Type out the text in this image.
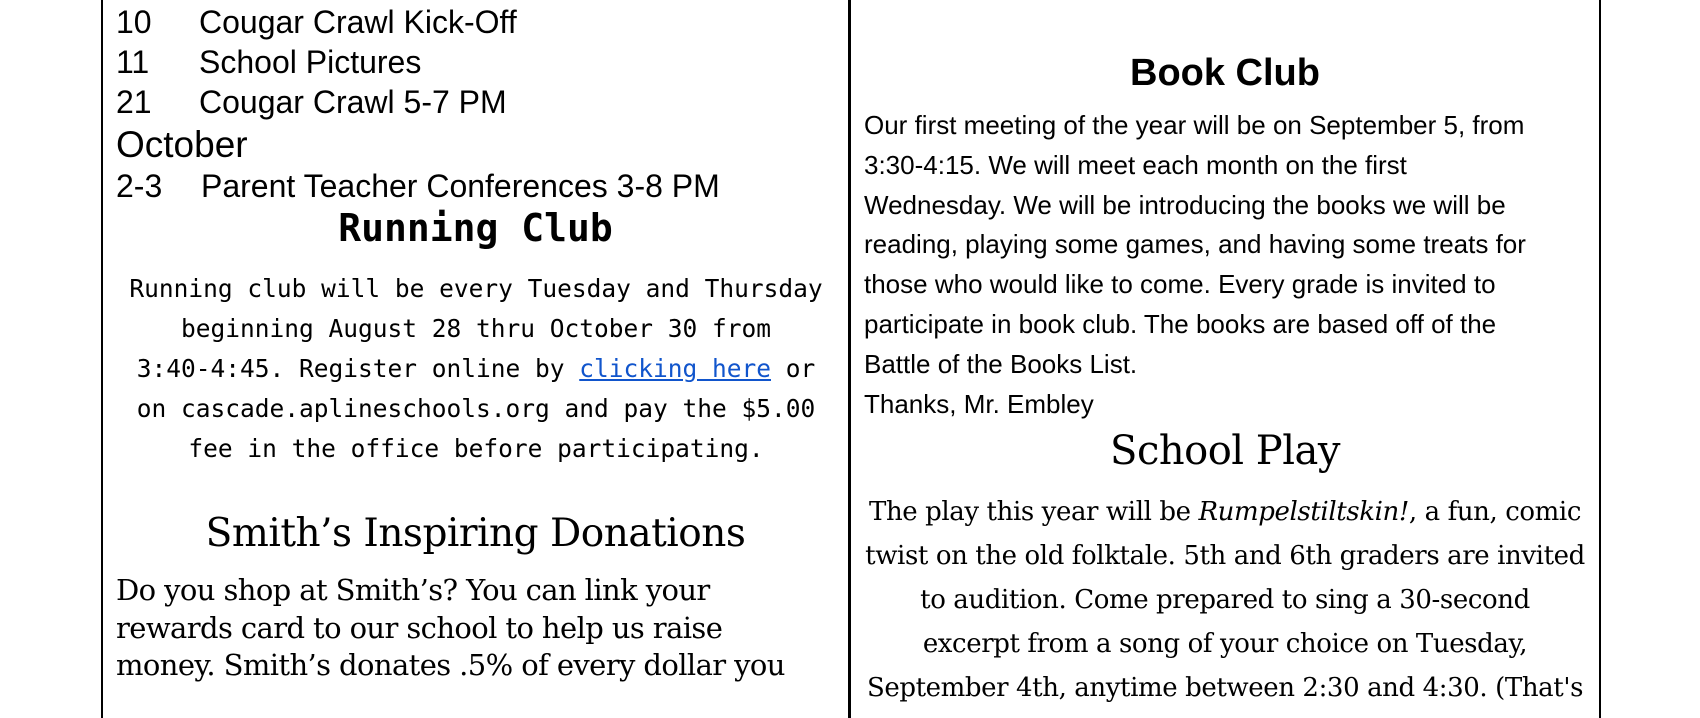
10 Cougar Crawl Kick-Off
11 School Pictures
21 Cougar Crawl 5-7 PM
October
2-3 Parent Teacher Conferences 3-8 PM
Running Club
Running club will be every Tuesday and Thursday
beginning August 28 thru October 30 from
3:40-4:45. Register online by clicking here or
on cascade.aplineschools.org and pay the $5.00
fee in the office before participating.
Smith’s Inspiring Donations
Do you shop at Smith’s? You can link your
rewards card to our school to help us raise
money. Smith’s donates .5% of every dollar you
Book Club
Our first meeting of the year will be on September 5, from
3:30-4:15. We will meet each month on the first
Wednesday. We will be introducing the books we will be
reading, playing some games, and having some treats for
those who would like to come. Every grade is invited to
participate in book club. The books are based off of the
Battle of the Books List.
Thanks, Mr. Embley
School Play
The play this year will be Rumpelstiltskin!, a fun, comic
twist on the old folktale. 5th and 6th graders are invited
to audition. Come prepared to sing a 30-second
excerpt from a song of your choice on Tuesday,
September 4th, anytime between 2:30 and 4:30. (That's
